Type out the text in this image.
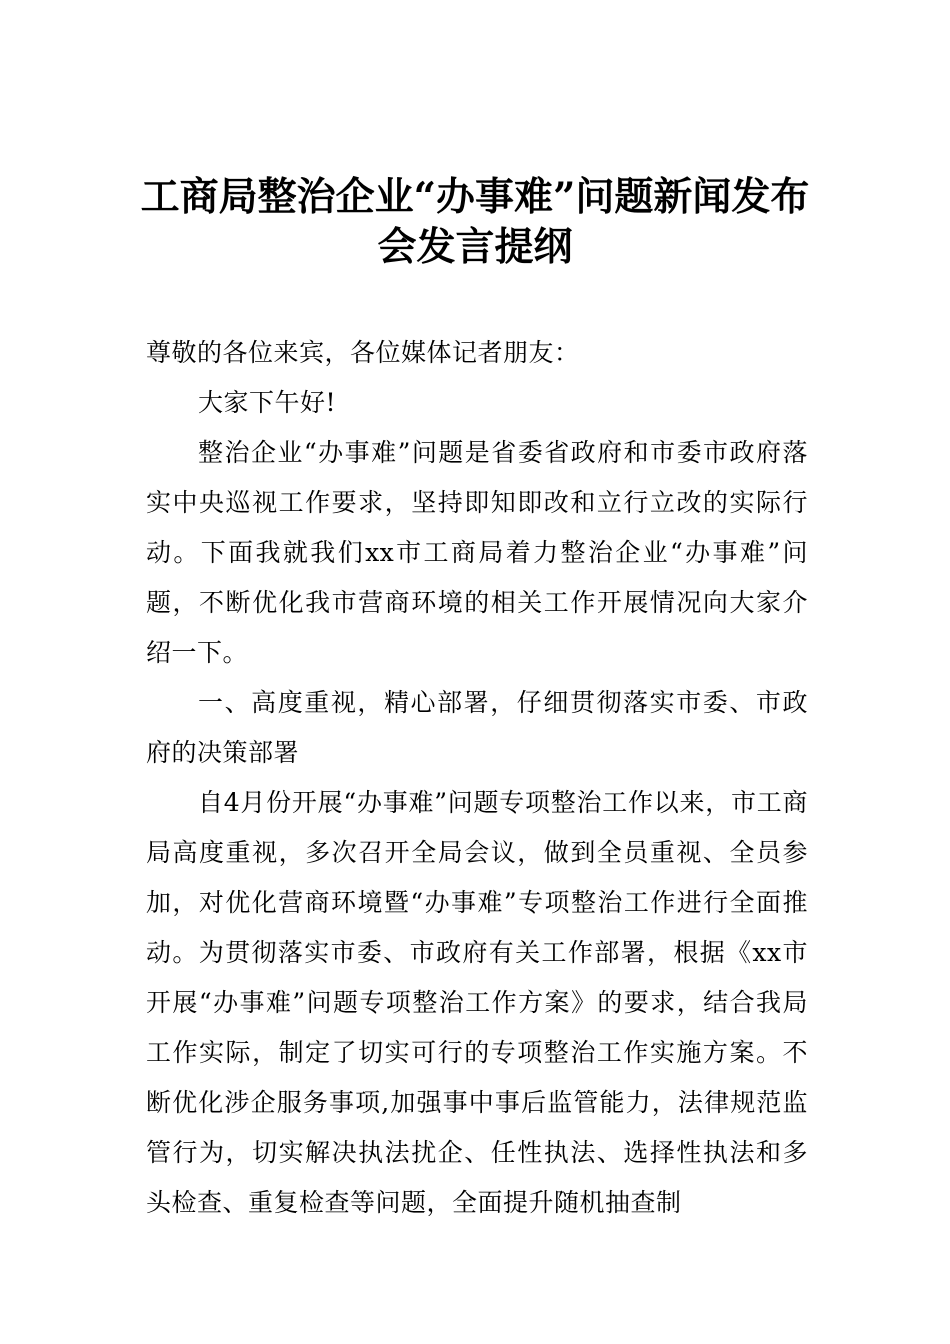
工商局整治企业“办事难”问题新闻发布
会发言提纲

尊敬的各位来宾，各位媒体记者朋友：

大家下午好!

整治企业“办事难”问题是省委省政府和市委市政府落实中央巡视工作要求，坚持即知即改和立行立改的实际行动。下面我就我们xx市工商局着力整治企业“办事难”问题，不断优化我市营商环境的相关工作开展情况向大家介绍一下。

一、高度重视，精心部署，仔细贯彻落实市委、市政府的决策部署

自4月份开展“办事难”问题专项整治工作以来，市工商局高度重视，多次召开全局会议，做到全员重视、全员参加，对优化营商环境暨“办事难”专项整治工作进行全面推动。为贯彻落实市委、市政府有关工作部署，根据《xx市开展“办事难”问题专项整治工作方案》的要求，结合我局工作实际，制定了切实可行的专项整治工作实施方案。不断优化涉企服务事项,加强事中事后监管能力，法律规范监管行为，切实解决执法扰企、任性执法、选择性执法和多头检查、重复检查等问题，全面提升随机抽查制
